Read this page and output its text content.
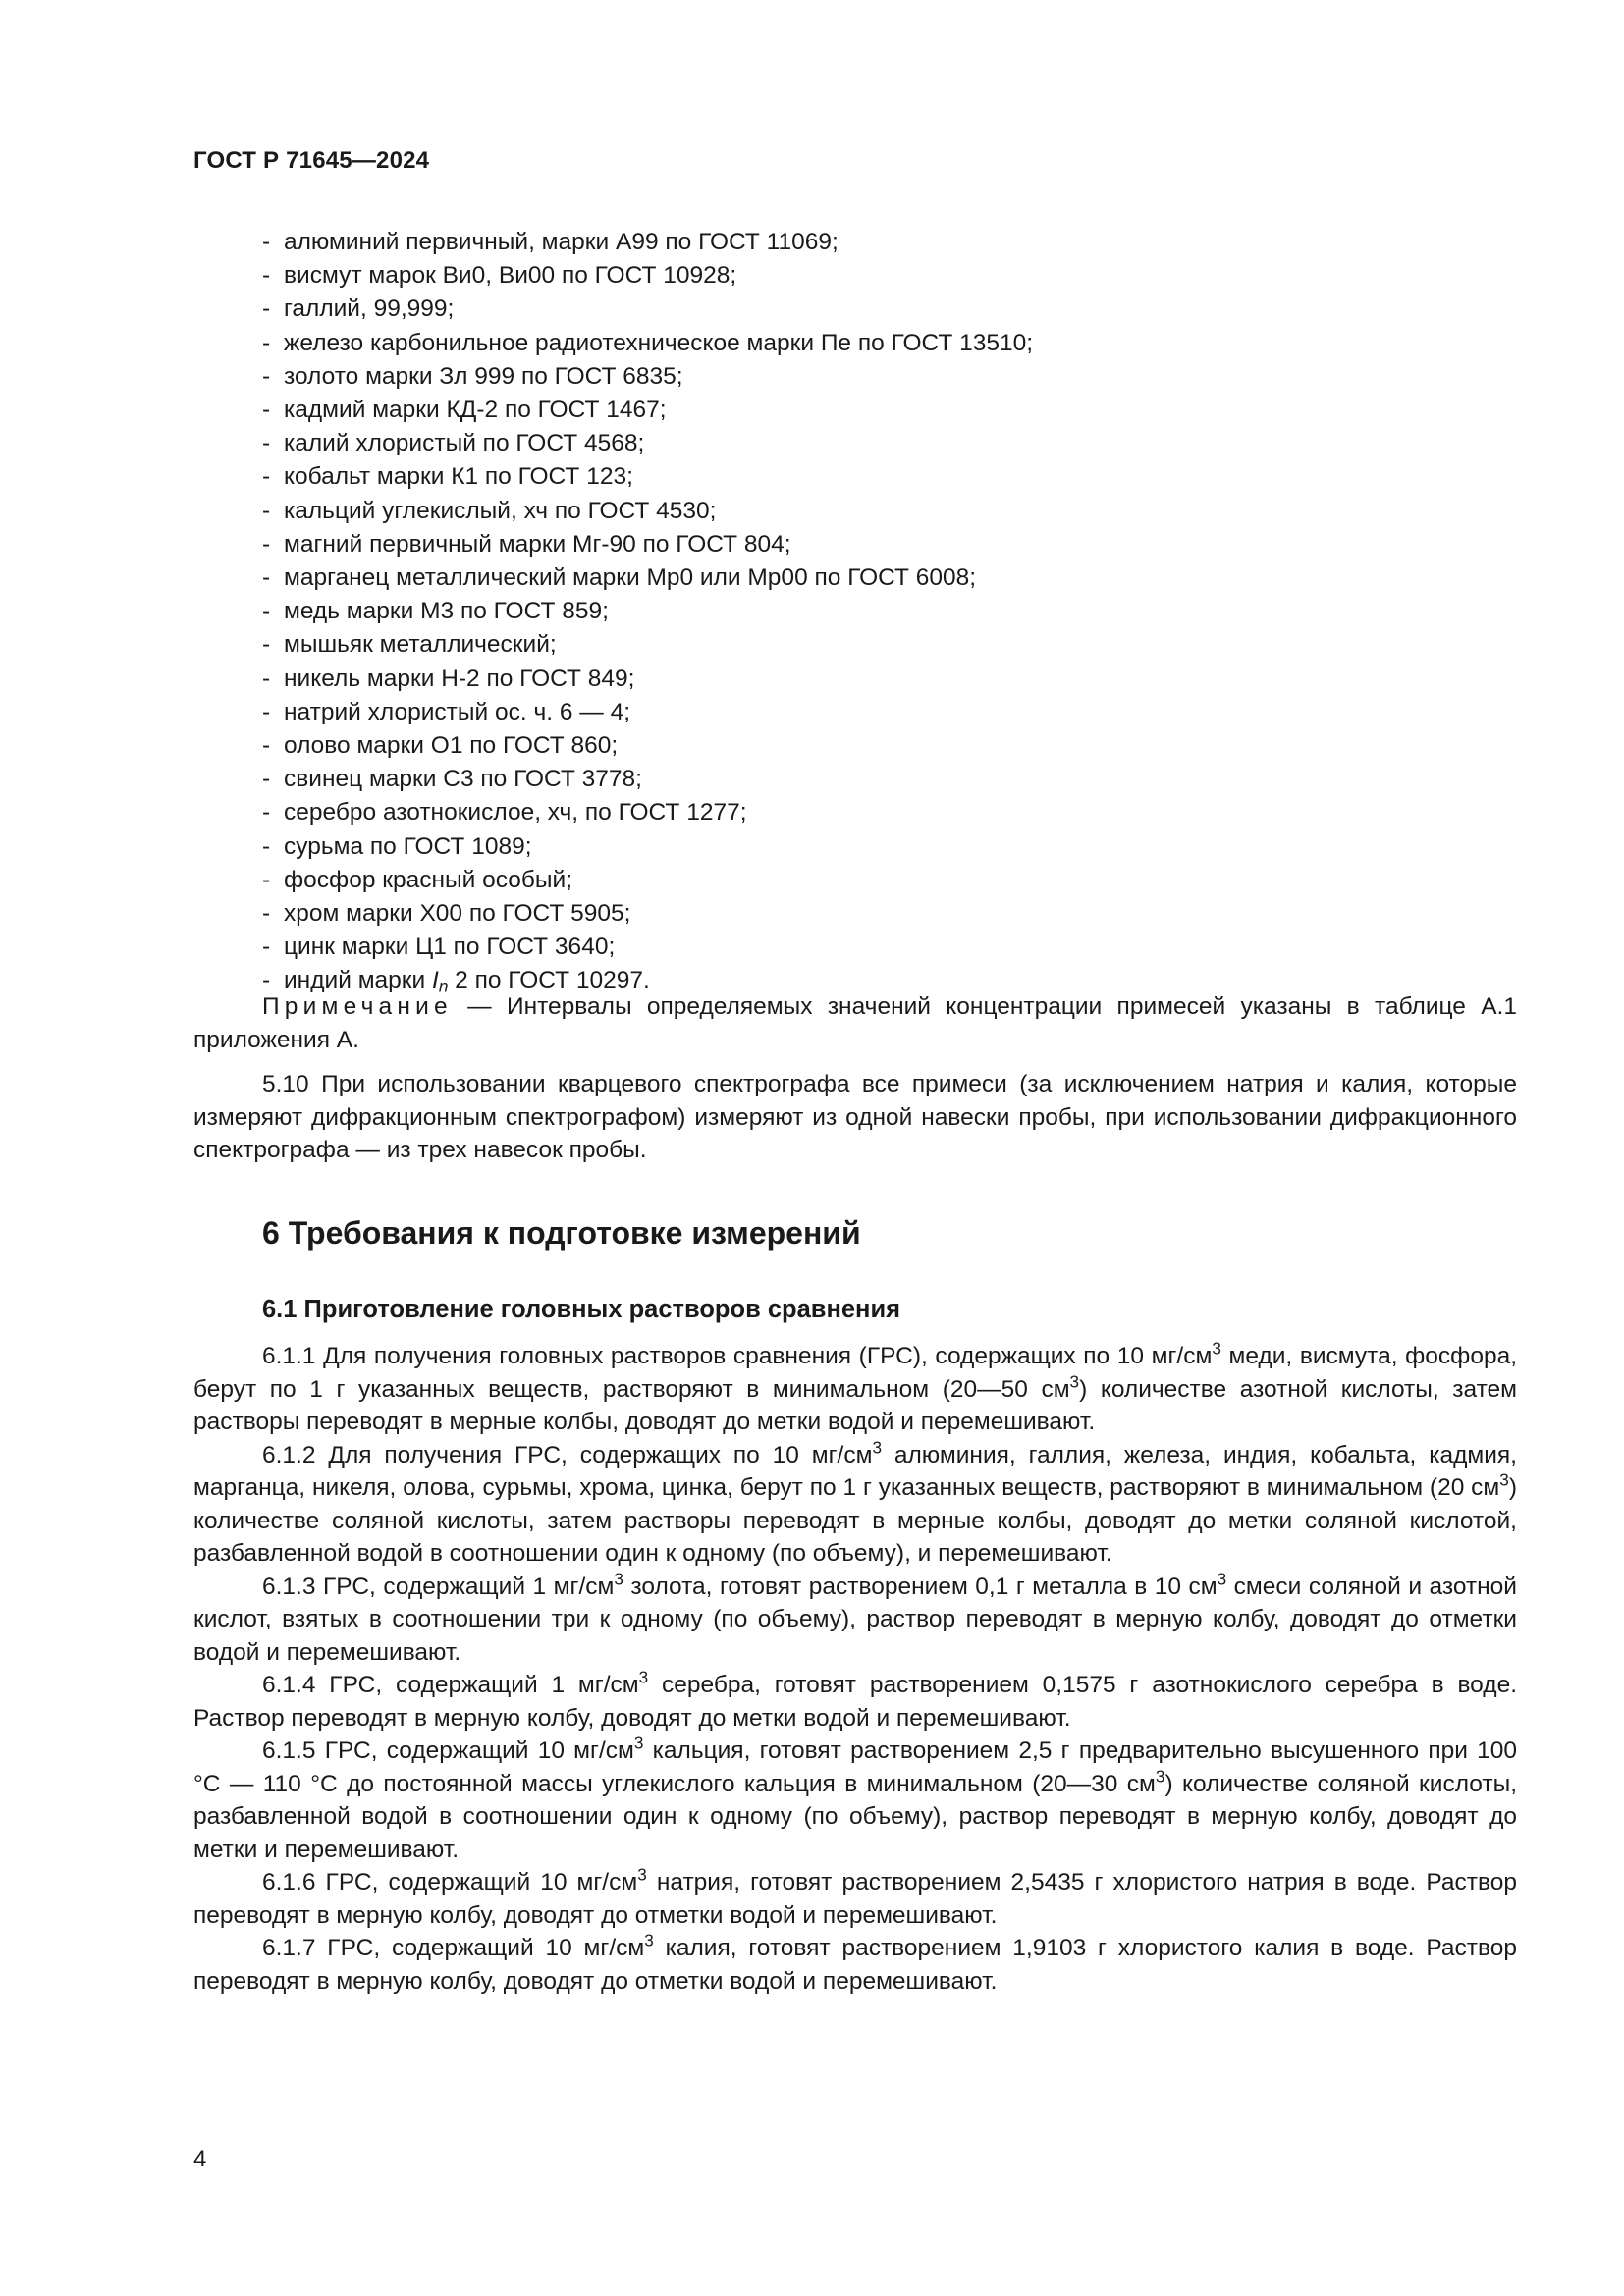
ГОСТ Р 71645—2024
- алюминий первичный, марки А99 по ГОСТ 11069;
- висмут марок Ви0, Ви00 по ГОСТ 10928;
- галлий, 99,999;
- железо карбонильное радиотехническое марки Пе по ГОСТ 13510;
- золото марки Зл 999 по ГОСТ 6835;
- кадмий марки КД-2 по ГОСТ 1467;
- калий хлористый по ГОСТ 4568;
- кобальт марки К1 по ГОСТ 123;
- кальций углекислый, хч по ГОСТ 4530;
- магний первичный марки Мг-90 по ГОСТ 804;
- марганец металлический марки Мр0 или Мр00 по ГОСТ 6008;
- медь марки М3 по ГОСТ 859;
- мышьяк металлический;
- никель марки Н-2 по ГОСТ 849;
- натрий хлористый ос. ч. 6 — 4;
- олово марки О1 по ГОСТ 860;
- свинец марки С3 по ГОСТ 3778;
- серебро азотнокислое, хч, по ГОСТ 1277;
- сурьма по ГОСТ 1089;
- фосфор красный особый;
- хром марки Х00 по ГОСТ 5905;
- цинк марки Ц1 по ГОСТ 3640;
- индий марки $I_n$ 2 по ГОСТ 10297.

Примечание — Интервалы определяемых значений концентрации примесей указаны в таблице А.1 приложения А.

5.10 При использовании кварцевого спектрографа все примеси (за исключением натрия и калия, которые измеряют дифракционным спектрографом) измеряют из одной навески пробы, при использовании дифракционного спектрографа — из трех навесок пробы.

6 Требования к подготовке измерений
6.1 Приготовление головных растворов сравнения

6.1.1 Для получения головных растворов сравнения (ГРС), содержащих по 10 $мг/см^3$ меди, висмута, фосфора, берут по 1 г указанных веществ, растворяют в минимальном (20—50 $см^3$) количестве азотной кислоты, затем растворы переводят в мерные колбы, доводят до метки водой и перемешивают.

6.1.2 Для получения ГРС, содержащих по 10 $мг/см^3$ алюминия, галлия, железа, индия, кобальта, кадмия, марганца, никеля, олова, сурьмы, хрома, цинка, берут по 1 г указанных веществ, растворяют в минимальном (20 $см^3$) количестве соляной кислоты, затем растворы переводят в мерные колбы, доводят до метки соляной кислотой, разбавленной водой в соотношении один к одному (по объему), и перемешивают.

6.1.3 ГРС, содержащий 1 $мг/см^3$ золота, готовят растворением 0,1 г металла в 10 $см^3$ смеси соляной и азотной кислот, взятых в соотношении три к одному (по объему), раствор переводят в мерную колбу, доводят до отметки водой и перемешивают.

6.1.4 ГРС, содержащий 1 $мг/см^3$ серебра, готовят растворением 0,1575 г азотнокислого серебра в воде. Раствор переводят в мерную колбу, доводят до метки водой и перемешивают.

6.1.5 ГРС, содержащий 10 $мг/см^3$ кальция, готовят растворением 2,5 г предварительно высушенного при 100 °С — 110 °С до постоянной массы углекислого кальция в минимальном (20—30 $см^3$) количестве соляной кислоты, разбавленной водой в соотношении один к одному (по объему), раствор переводят в мерную колбу, доводят до метки и перемешивают.

6.1.6 ГРС, содержащий 10 $мг/см^3$ натрия, готовят растворением 2,5435 г хлористого натрия в воде. Раствор переводят в мерную колбу, доводят до отметки водой и перемешивают.

6.1.7 ГРС, содержащий 10 $мг/см^3$ калия, готовят растворением 1,9103 г хлористого калия в воде. Раствор переводят в мерную колбу, доводят до отметки водой и перемешивают.

4
